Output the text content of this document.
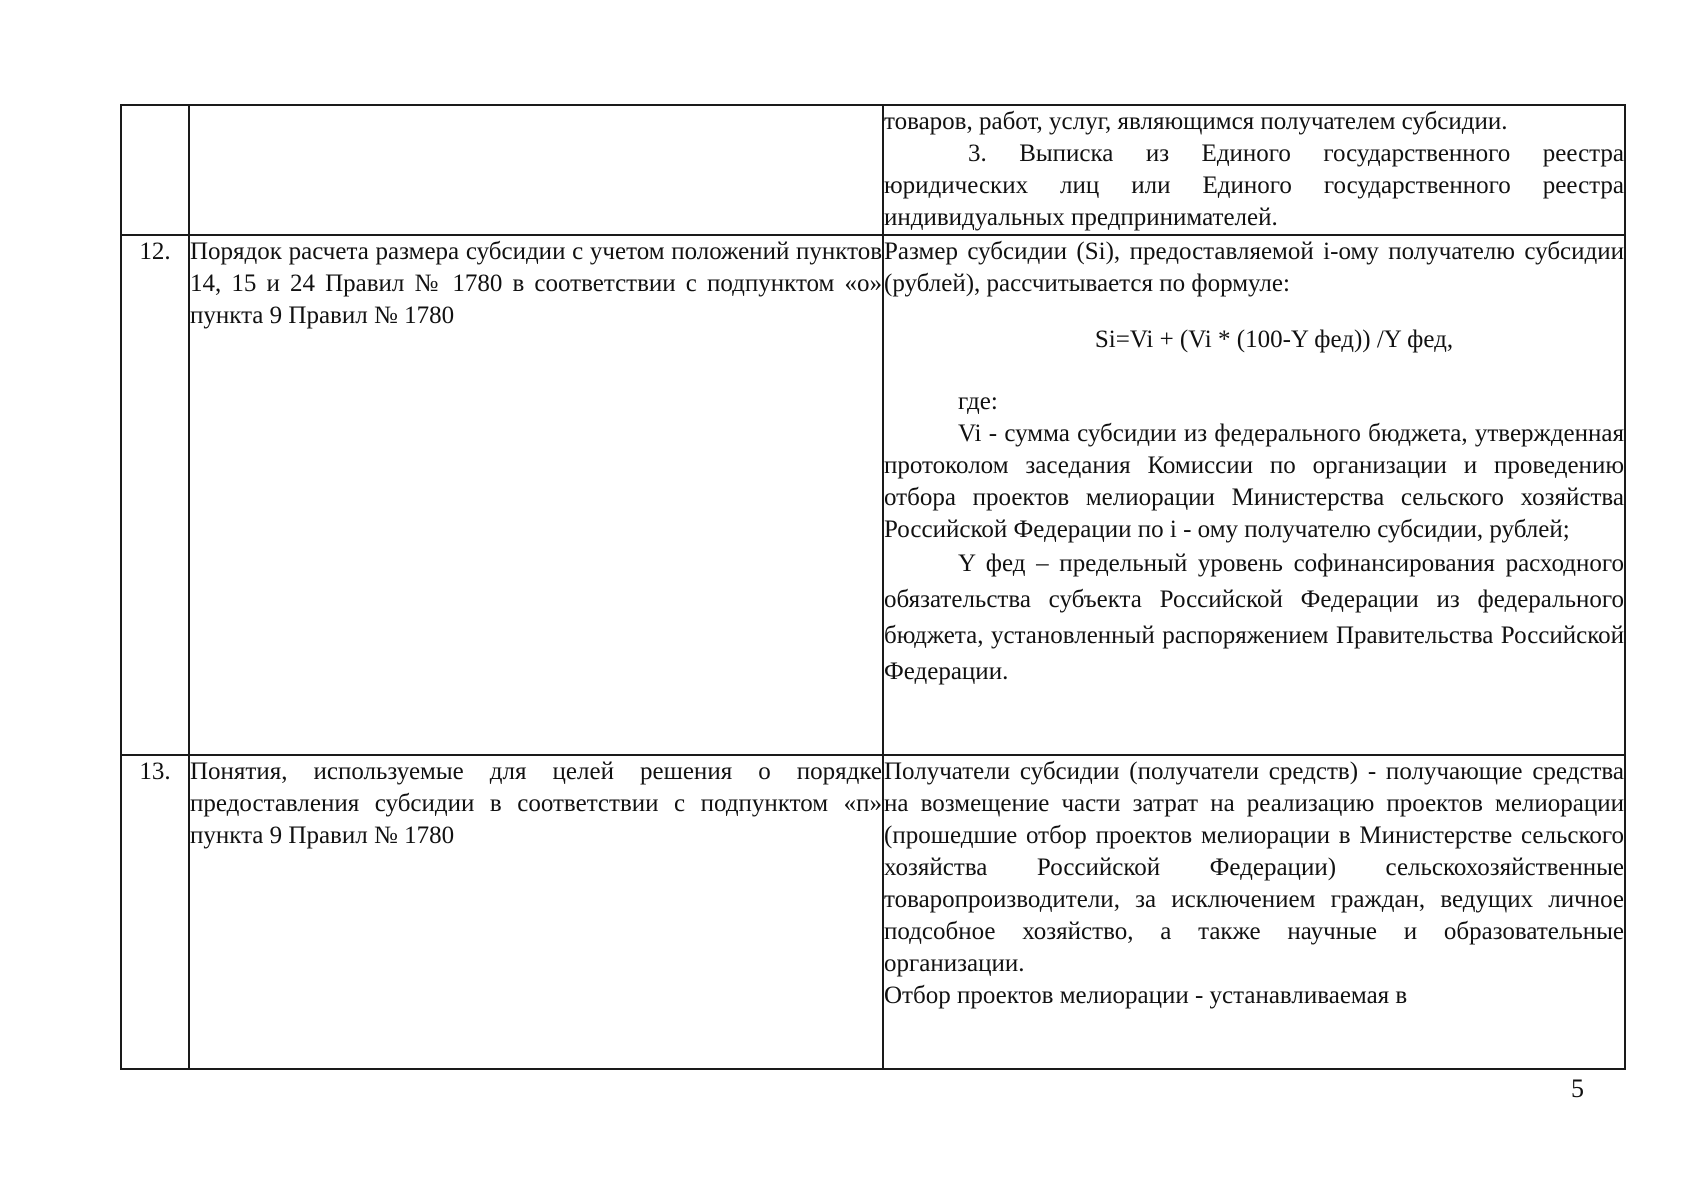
		товаров, работ, услуг, являющимся получателем субсидии.

3. Выписка из Единого государственного реестра юридических лиц или Единого государственного реестра индивидуальных предпринимателей.

12.	Порядок расчета размера субсидии с учетом положений пунктов 14, 15 и 24 Правил № 1780 в соответствии с подпунктом «о» пункта 9 Правил № 1780	Размер субсидии (Si), предоставляемой i-ому получателю субсидии (рублей), рассчитывается по формуле:

Si=Vi + (Vi * (100-Y фед)) /Y фед,

где:

Vi - сумма субсидии из федерального бюджета, утвержденная протоколом заседания Комиссии по организации и проведению отбора проектов мелиорации Министерства сельского хозяйства Российской Федерации по i - ому получателю субсидии, рублей;

Y фед – предельный уровень софинансирования расходного обязательства субъекта Российской Федерации из федерального бюджета, установленный распоряжением Правительства Российской Федерации.

13.	Понятия, используемые для целей решения о порядке предоставления субсидии в соответствии с подпунктом «п» пункта 9 Правил № 1780	Получатели субсидии (получатели средств) - получающие средства на возмещение части затрат на реализацию проектов мелиорации (прошедшие отбор проектов мелиорации в Министерстве сельского хозяйства Российской Федерации) сельскохозяйственные товаропроизводители, за исключением граждан, ведущих личное подсобное хозяйство, а также научные и образовательные организации.

Отбор проектов мелиорации - устанавливаемая в

5
